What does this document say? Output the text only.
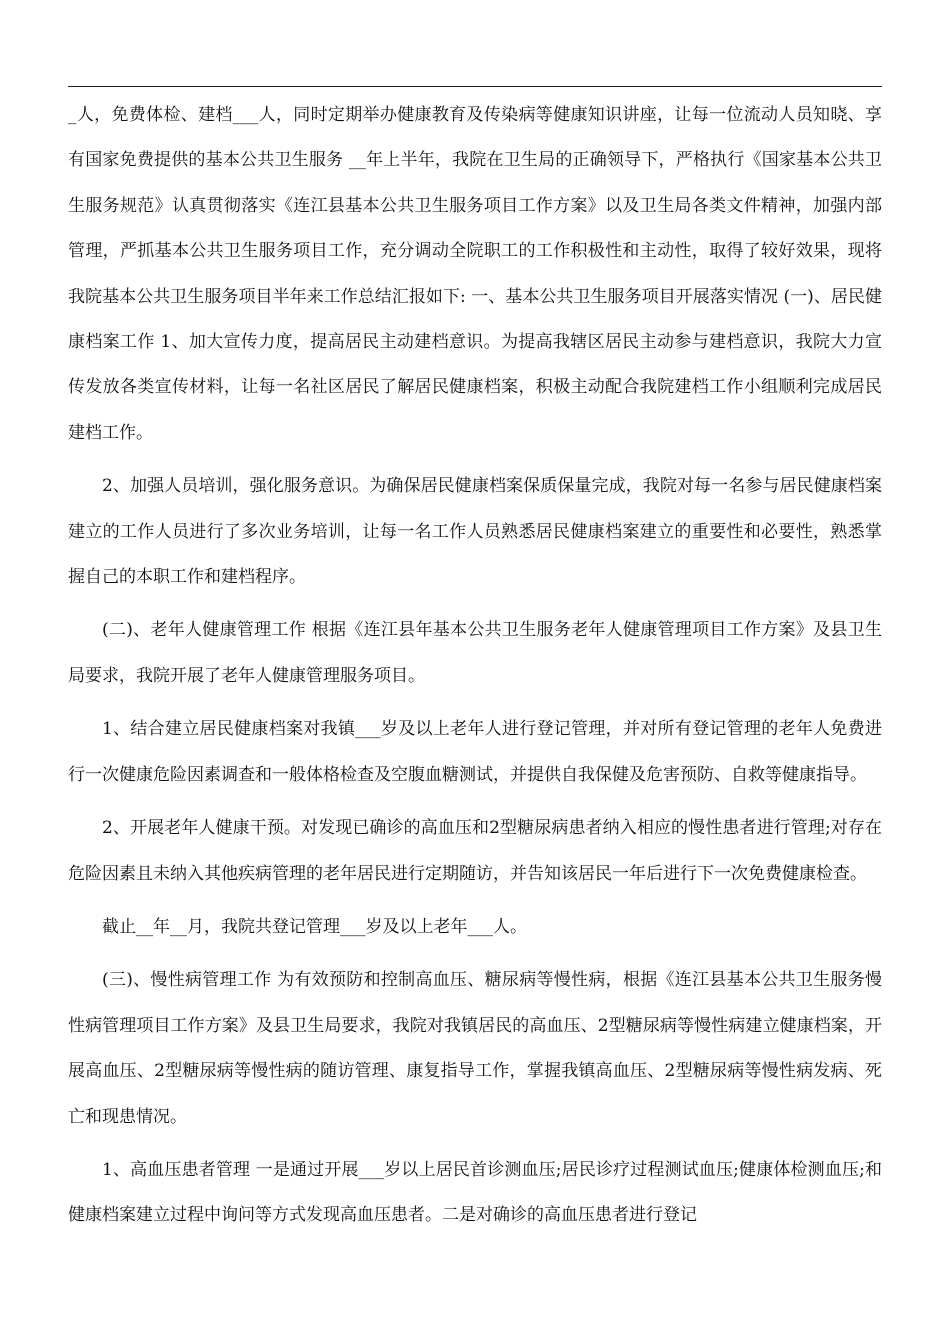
_人，免费体检、建档___人，同时定期举办健康教育及传染病等健康知识讲座，让每一位流动人员知晓、享有国家免费提供的基本公共卫生服务 __年上半年，我院在卫生局的正确领导下，严格执行《国家基本公共卫生服务规范》认真贯彻落实《连江县基本公共卫生服务项目工作方案》以及卫生局各类文件精神，加强内部管理，严抓基本公共卫生服务项目工作，充分调动全院职工的工作积极性和主动性，取得了较好效果，现将我院基本公共卫生服务项目半年来工作总结汇报如下: 一、基本公共卫生服务项目开展落实情况 (一)、居民健康档案工作 1、加大宣传力度，提高居民主动建档意识。为提高我辖区居民主动参与建档意识，我院大力宣传发放各类宣传材料，让每一名社区居民了解居民健康档案，积极主动配合我院建档工作小组顺利完成居民建档工作。

2、加强人员培训，强化服务意识。为确保居民健康档案保质保量完成，我院对每一名参与居民健康档案建立的工作人员进行了多次业务培训，让每一名工作人员熟悉居民健康档案建立的重要性和必要性，熟悉掌握自己的本职工作和建档程序。

(二)、老年人健康管理工作 根据《连江县年基本公共卫生服务老年人健康管理项目工作方案》及县卫生局要求，我院开展了老年人健康管理服务项目。

1、结合建立居民健康档案对我镇___岁及以上老年人进行登记管理，并对所有登记管理的老年人免费进行一次健康危险因素调查和一般体格检查及空腹血糖测试，并提供自我保健及危害预防、自救等健康指导。

2、开展老年人健康干预。对发现已确诊的高血压和2型糖尿病患者纳入相应的慢性患者进行管理;对存在危险因素且未纳入其他疾病管理的老年居民进行定期随访，并告知该居民一年后进行下一次免费健康检查。

截止__年__月，我院共登记管理___岁及以上老年___人。

(三)、慢性病管理工作 为有效预防和控制高血压、糖尿病等慢性病，根据《连江县基本公共卫生服务慢性病管理项目工作方案》及县卫生局要求，我院对我镇居民的高血压、2型糖尿病等慢性病建立健康档案，开展高血压、2型糖尿病等慢性病的随访管理、康复指导工作，掌握我镇高血压、2型糖尿病等慢性病发病、死亡和现患情况。

1、高血压患者管理 一是通过开展___岁以上居民首诊测血压;居民诊疗过程测试血压;健康体检测血压;和健康档案建立过程中询问等方式发现高血压患者。二是对确诊的高血压患者进行登记
